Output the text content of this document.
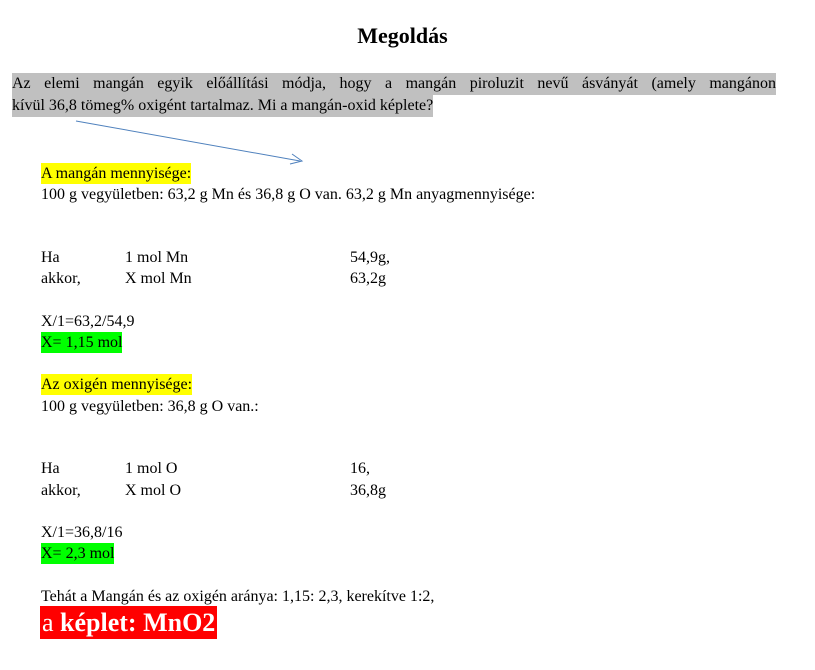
Megoldás
Az elemi mangán egyik előállítási módja, hogy a mangán piroluzit nevű ásványát (amely mangánon
kívül 36,8 tömeg% oxigént tartalmaz. Mi a mangán-oxid képlete?
A mangán mennyisége:
100 g vegyületben: 63,2 g Mn és 36,8 g O van. 63,2 g Mn anyagmennyisége:
Ha	1 mol Mn	54,9g,
akkor,	X mol Mn	63,2g
X/1=63,2/54,9
X= 1,15 mol
Az oxigén mennyisége:
100 g vegyületben: 36,8 g O van.:
Ha	1 mol O	16,
akkor,	X mol O	36,8g
X/1=36,8/16
X= 2,3 mol
Tehát a Mangán és az oxigén aránya: 1,15: 2,3, kerekítve 1:2,
a képlet: MnO2
